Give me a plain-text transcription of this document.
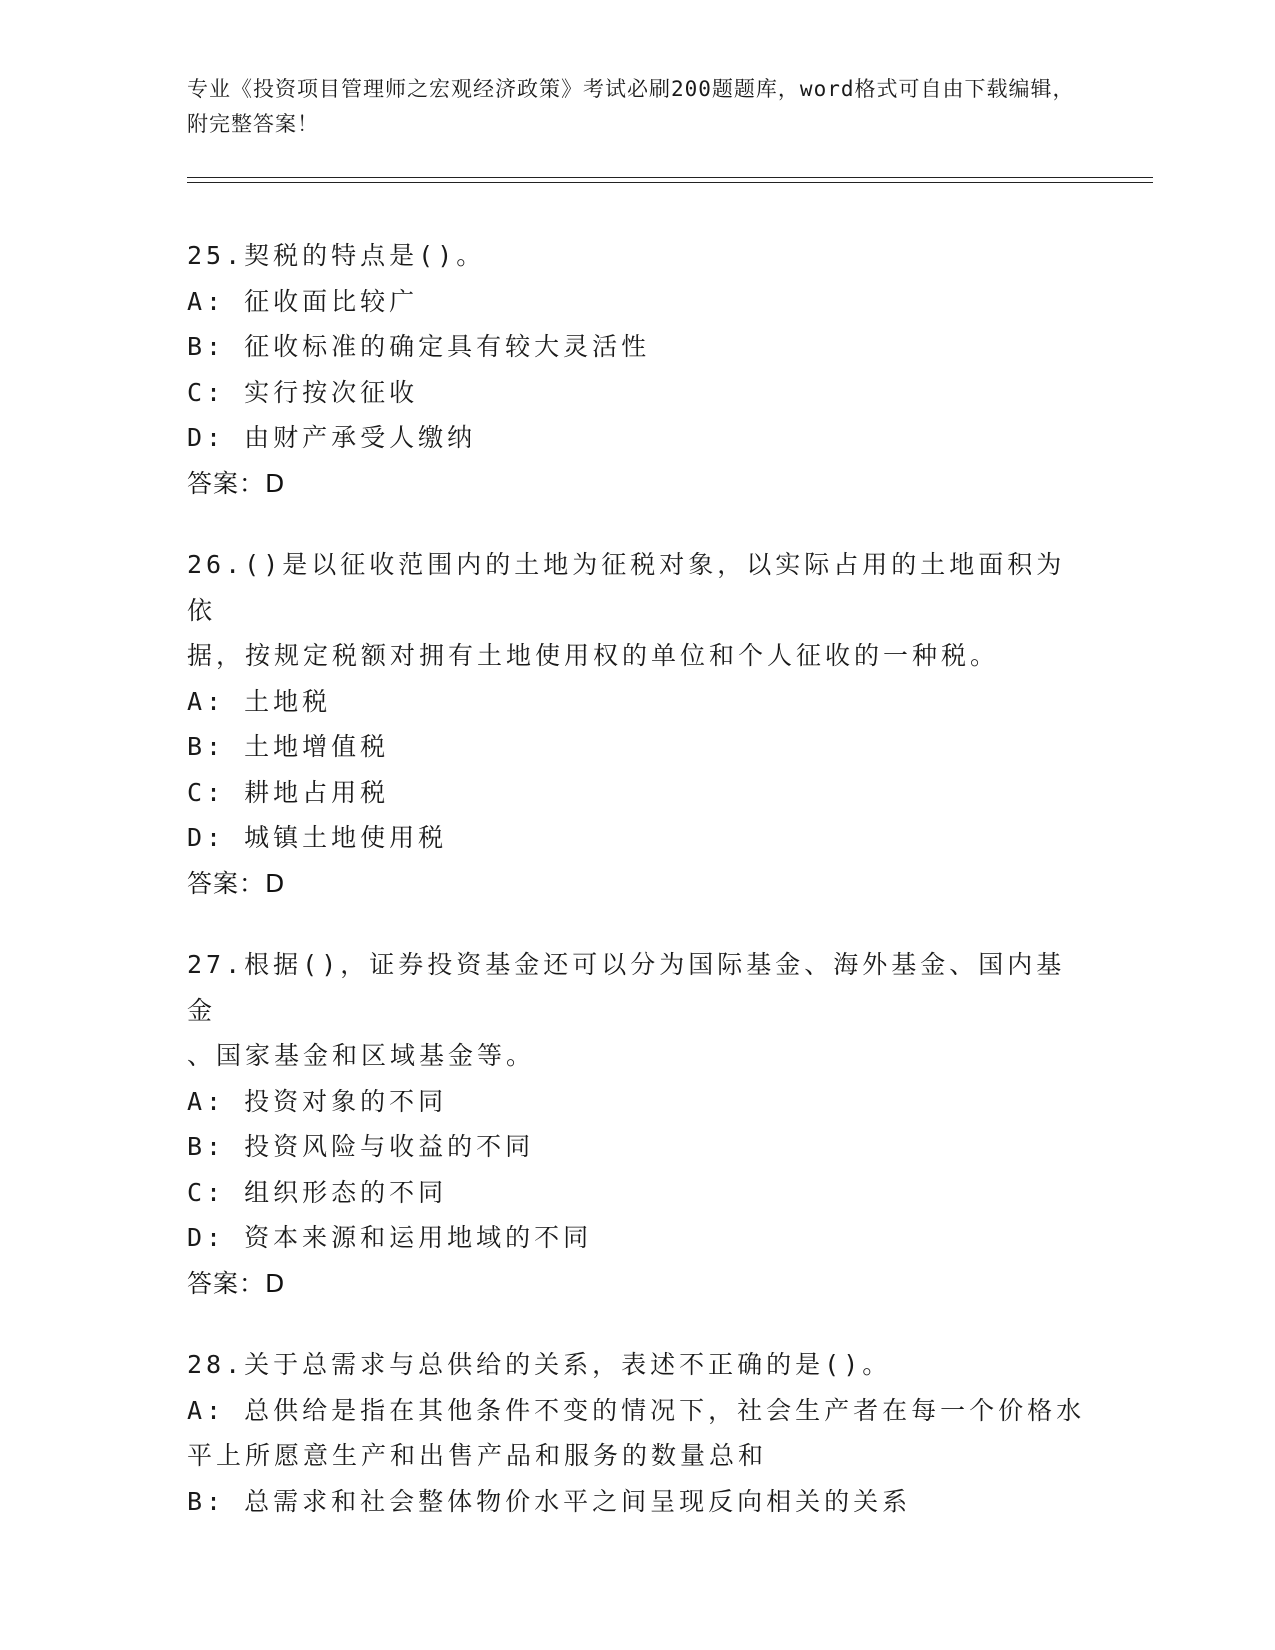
专业《投资项目管理师之宏观经济政策》考试必刷200题题库，word格式可自由下载编辑，附完整答案！
25.契税的特点是()。
A: 征收面比较广
B: 征收标准的确定具有较大灵活性
C: 实行按次征收
D: 由财产承受人缴纳
答案：D
26.()是以征收范围内的土地为征税对象，以实际占用的土地面积为依
据，按规定税额对拥有土地使用权的单位和个人征收的一种税。
A: 土地税
B: 土地增值税
C: 耕地占用税
D: 城镇土地使用税
答案：D
27.根据()，证券投资基金还可以分为国际基金、海外基金、国内基金
、国家基金和区域基金等。
A: 投资对象的不同
B: 投资风险与收益的不同
C: 组织形态的不同
D: 资本来源和运用地域的不同
答案：D
28.关于总需求与总供给的关系，表述不正确的是()。
A: 总供给是指在其他条件不变的情况下，社会生产者在每一个价格水
平上所愿意生产和出售产品和服务的数量总和
B: 总需求和社会整体物价水平之间呈现反向相关的关系
